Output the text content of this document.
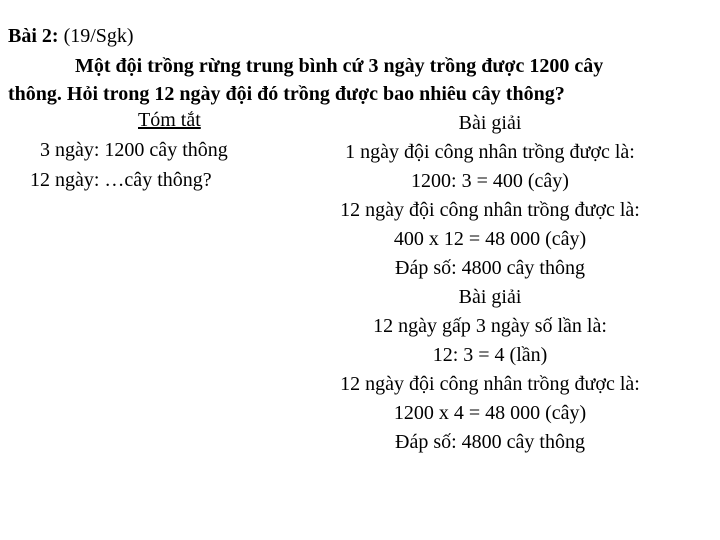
Bài 2: (19/Sgk)
Một đội trồng rừng trung bình cứ 3 ngày trồng được 1200 cây
thông. Hỏi trong 12 ngày đội đó trồng được bao nhiêu cây thông?
Tóm tắt
3 ngày: 1200 cây thông
12 ngày: …cây thông?
Bài giải
1 ngày đội công nhân trồng được là:
1200: 3 = 400 (cây)
12 ngày đội công nhân trồng được là:
400 x 12 = 48 000 (cây)
Đáp số: 4800 cây thông
Bài giải
12 ngày gấp 3 ngày số lần là:
12: 3 = 4 (lần)
12 ngày đội công nhân trồng được là:
1200 x 4 = 48 000 (cây)
Đáp số: 4800 cây thông
